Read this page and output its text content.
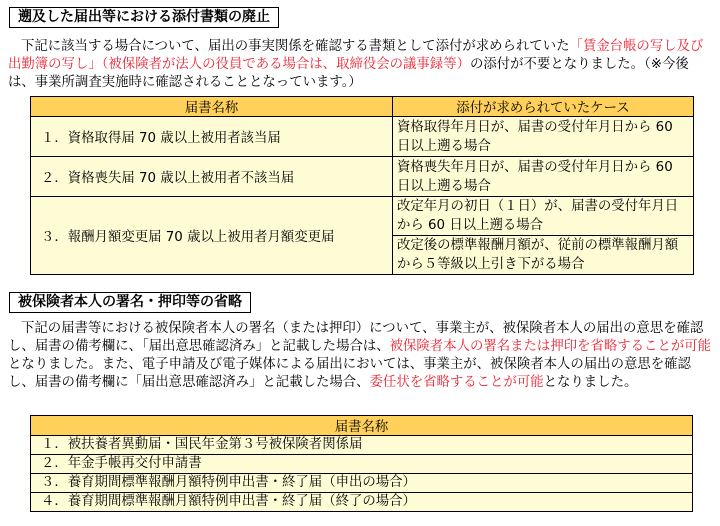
遡及した届出等における添付書類の廃止

下記に該当する場合について、届出の事実関係を確認する書類として添付が求められていた「賃金台帳の写し及び出勤簿の写し」（被保険者が法人の役員である場合は、取締役会の議事録等）の添付が不要となりました。（※今後は、事業所調査実施時に確認されることとなっています。）

届書名称	添付が求められていたケース
１．資格取得届 70 歳以上被用者該当届	資格取得年月日が、届書の受付年月日から 60 日以上遡る場合
２．資格喪失届 70 歳以上被用者不該当届	資格喪失年月日が、届書の受付年月日から 60 日以上遡る場合
３．報酬月額変更届 70 歳以上被用者月額変更届	改定年月の初日（１日）が、届書の受付年月日から 60 日以上遡る場合
	改定後の標準報酬月額が、従前の標準報酬月額から５等級以上引き下がる場合
被保険者本人の署名・押印等の省略

下記の届書等における被保険者本人の署名（または押印）について、事業主が、被保険者本人の届出の意思を確認し、届書の備考欄に、「届出意思確認済み」と記載した場合は、被保険者本人の署名または押印を省略することが可能となりました。また、電子申請及び電子媒体による届出においては、事業主が、被保険者本人の届出の意思を確認し、届書の備考欄に「届出意思確認済み」と記載した場合、委任状を省略することが可能となりました。

届書名称
１．被扶養者異動届・国民年金第３号被保険者関係届
２．年金手帳再交付申請書
３．養育期間標準報酬月額特例申出書・終了届（申出の場合）
４．養育期間標準報酬月額特例申出書・終了届（終了の場合）
